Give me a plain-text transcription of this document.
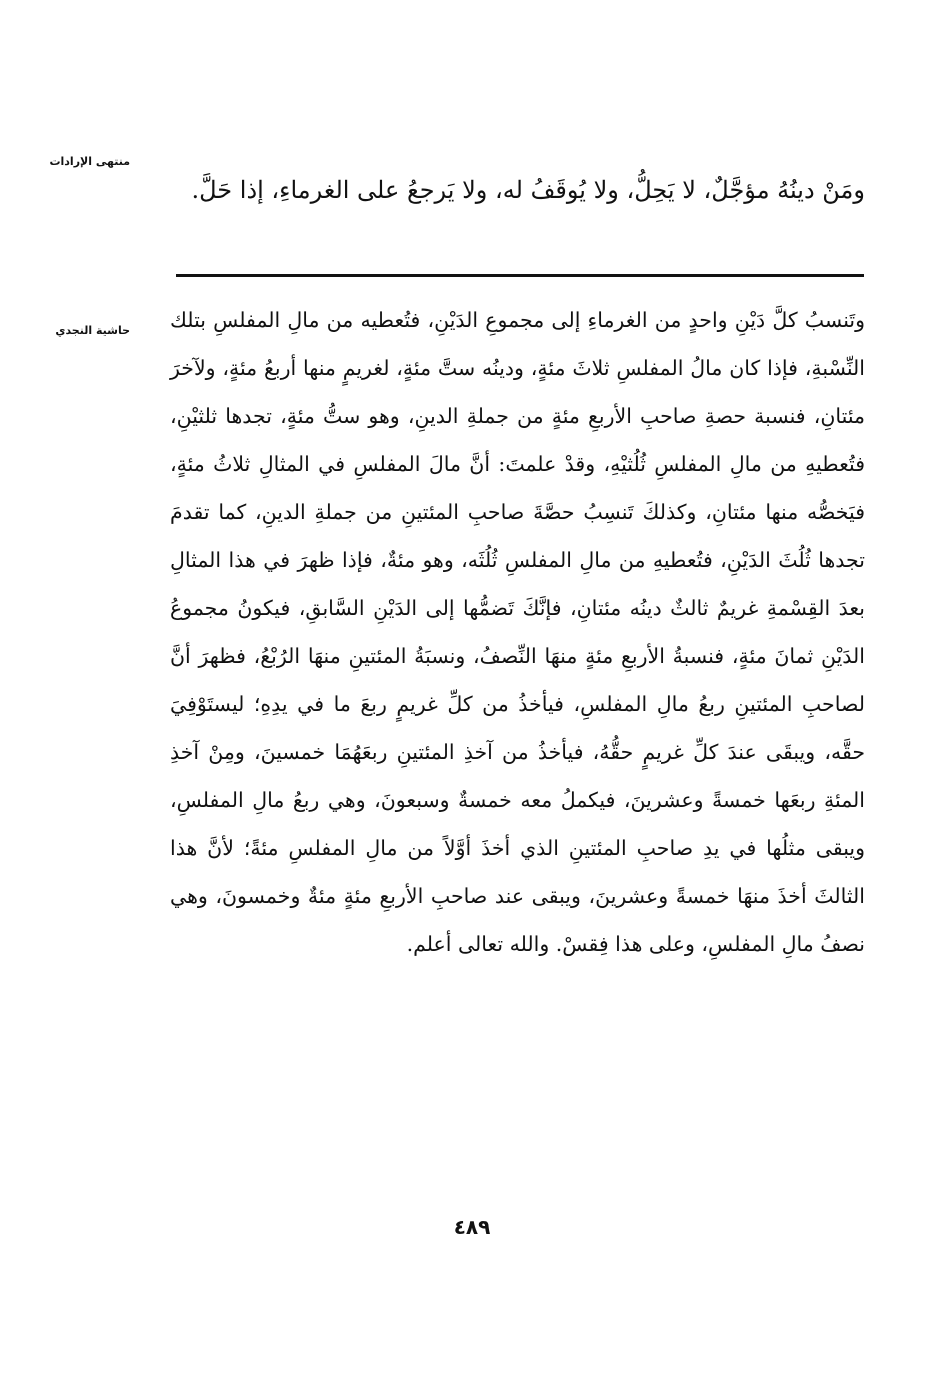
منتهى الإرادات
حاشية النجدي
ومَنْ دينُهُ مؤجَّلٌ، لا يَحِلُّ، ولا يُوقَفُ له، ولا يَرجعُ على الغرماءِ، إذا حَلَّ.
وتَنسبُ كلَّ دَيْنِ واحدٍ من الغرماءِ إلى مجموعِ الدَيْنِ، فتُعطيه من مالِ المفلسِ بتلك النِّسْبةِ، فإذا كان مالُ المفلسِ ثلاثَ مئةٍ، ودينُه ستَّ مئةٍ، لغريمٍ منها أربعُ مئةٍ، ولآخرَ مئتانِ، فنسبة حصةِ صاحبِ الأربعِ مئةٍ من جملةِ الدينِ، وهو ستُّ مئةٍ، تجدها ثلثيْنِ، فتُعطيهِ من مالِ المفلسِ ثُلُثيْهِ، وقدْ علمتَ: أنَّ مالَ المفلسِ في المثالِ ثلاثُ مئةٍ، فيَخصُّه منها مئتانِ، وكذلكَ تَنسِبُ حصَّةَ صاحبِ المئتينِ من جملةِ الدينِ، كما تقدمَ تجدها ثُلُثَ الدَيْنِ، فتُعطيهِ من مالِ المفلسِ ثُلُثَه، وهو مئةٌ، فإذا ظهرَ في هذا المثالِ بعدَ القِسْمةِ غريمٌ ثالثٌ دينُه مئتانِ، فإنَّكَ تَضمُّها إلى الدَيْنِ السَّابقِ، فيكونُ مجموعُ الدَيْنِ ثمانَ مئةٍ، فنسبةُ الأربعِ مئةٍ منهَا النِّصفُ، ونسبَةُ المئتينِ منهَا الرُبْعُ، فظهرَ أنَّ لصاحبِ المئتينِ ربعُ مالِ المفلسِ، فيأخذُ من كلِّ غريمٍ ربعَ ما في يدِهِ؛ ليستَوْفِيَ حقَّه، ويبقَى عندَ كلِّ غريمٍ حقُّهُ، فيأخذُ من آخذِ المئتينِ ربعَهُمَا خمسينَ، ومِنْ آخذِ المئةِ ربعَها خمسةً وعشرينَ، فيكملُ معه خمسةٌ وسبعونَ، وهي ربعُ مالِ المفلسِ، ويبقى مثلُها في يدِ صاحبِ المئتينِ الذي أخذَ أوَّلاً من مالِ المفلسِ مئةً؛ لأنَّ هذا الثالثَ أخذَ منهَا خمسةً وعشرينَ، ويبقى عند صاحبِ الأربعِ مئةٍ مئةٌ وخمسونَ، وهي نصفُ مالِ المفلسِ، وعلى هذا فِقسْ. والله تعالى أعلم.
٤٨٩
